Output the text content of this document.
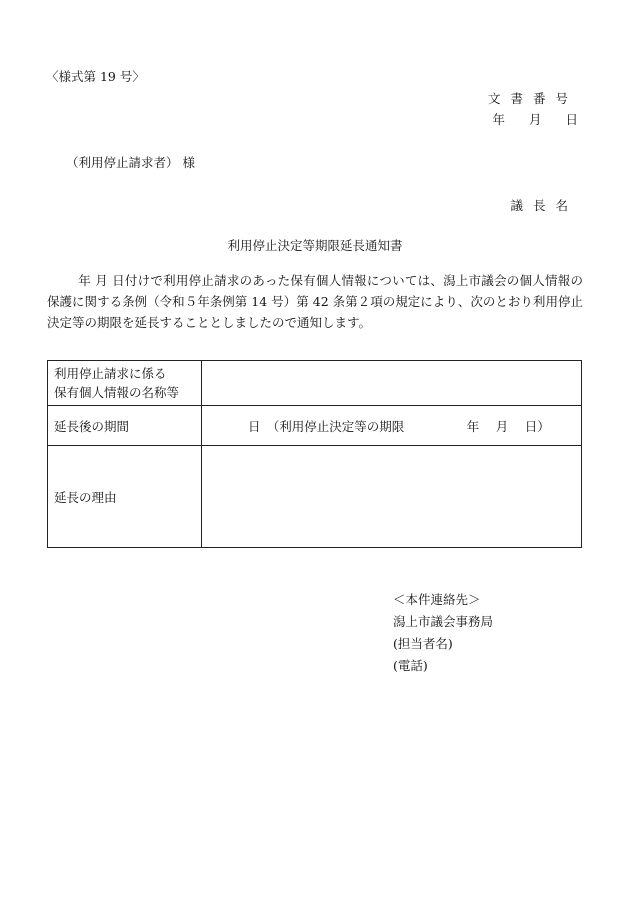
〈様式第 19 号〉
文書番号
年 月 日
（利用停止請求者） 様
議長名
利用停止決定等期限延長通知書
年 月 日付けで利用停止請求のあった保有個人情報については、潟上市議会の個人情報の保護に関する条例（令和５年条例第 14 号）第 42 条第２項の規定により、次のとおり利用停止決定等の期限を延長することとしましたので通知します。
利用停止請求に係る
保有個人情報の名称等
延長後の期間	日　（利用停止決定等の期限　　　　　年　 月　 日）
延長の理由
＜本件連絡先＞
潟上市議会事務局
(担当者名)
(電話)
